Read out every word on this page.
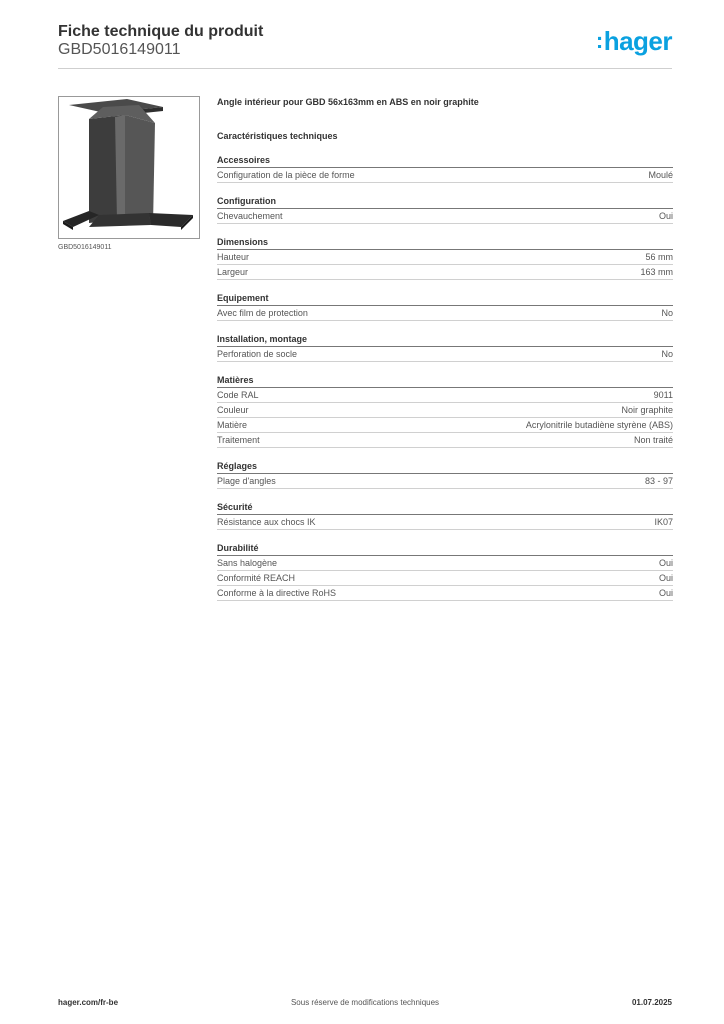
Fiche technique du produit
GBD5016149011	:hager
GBD5016149011
Angle intérieur pour GBD 56x163mm en ABS en noir graphite
Caractéristiques techniques
Accessoires
Configuration de la pièce de forme	Moulé
Configuration
Chevauchement	Oui
Dimensions
Hauteur	56 mm
Largeur	163 mm
Equipement
Avec film de protection	No
Installation, montage
Perforation de socle	No
Matières
Code RAL	9011
Couleur	Noir graphite
Matière	Acrylonitrile butadiène styrène (ABS)
Traitement	Non traité
Réglages
Plage d'angles	83 - 97
Sécurité
Résistance aux chocs IK	IK07
Durabilité
Sans halogène	Oui
Conformité REACH	Oui
Conforme à la directive RoHS	Oui
hager.com/fr-be	Sous réserve de modifications techniques	01.07.2025
